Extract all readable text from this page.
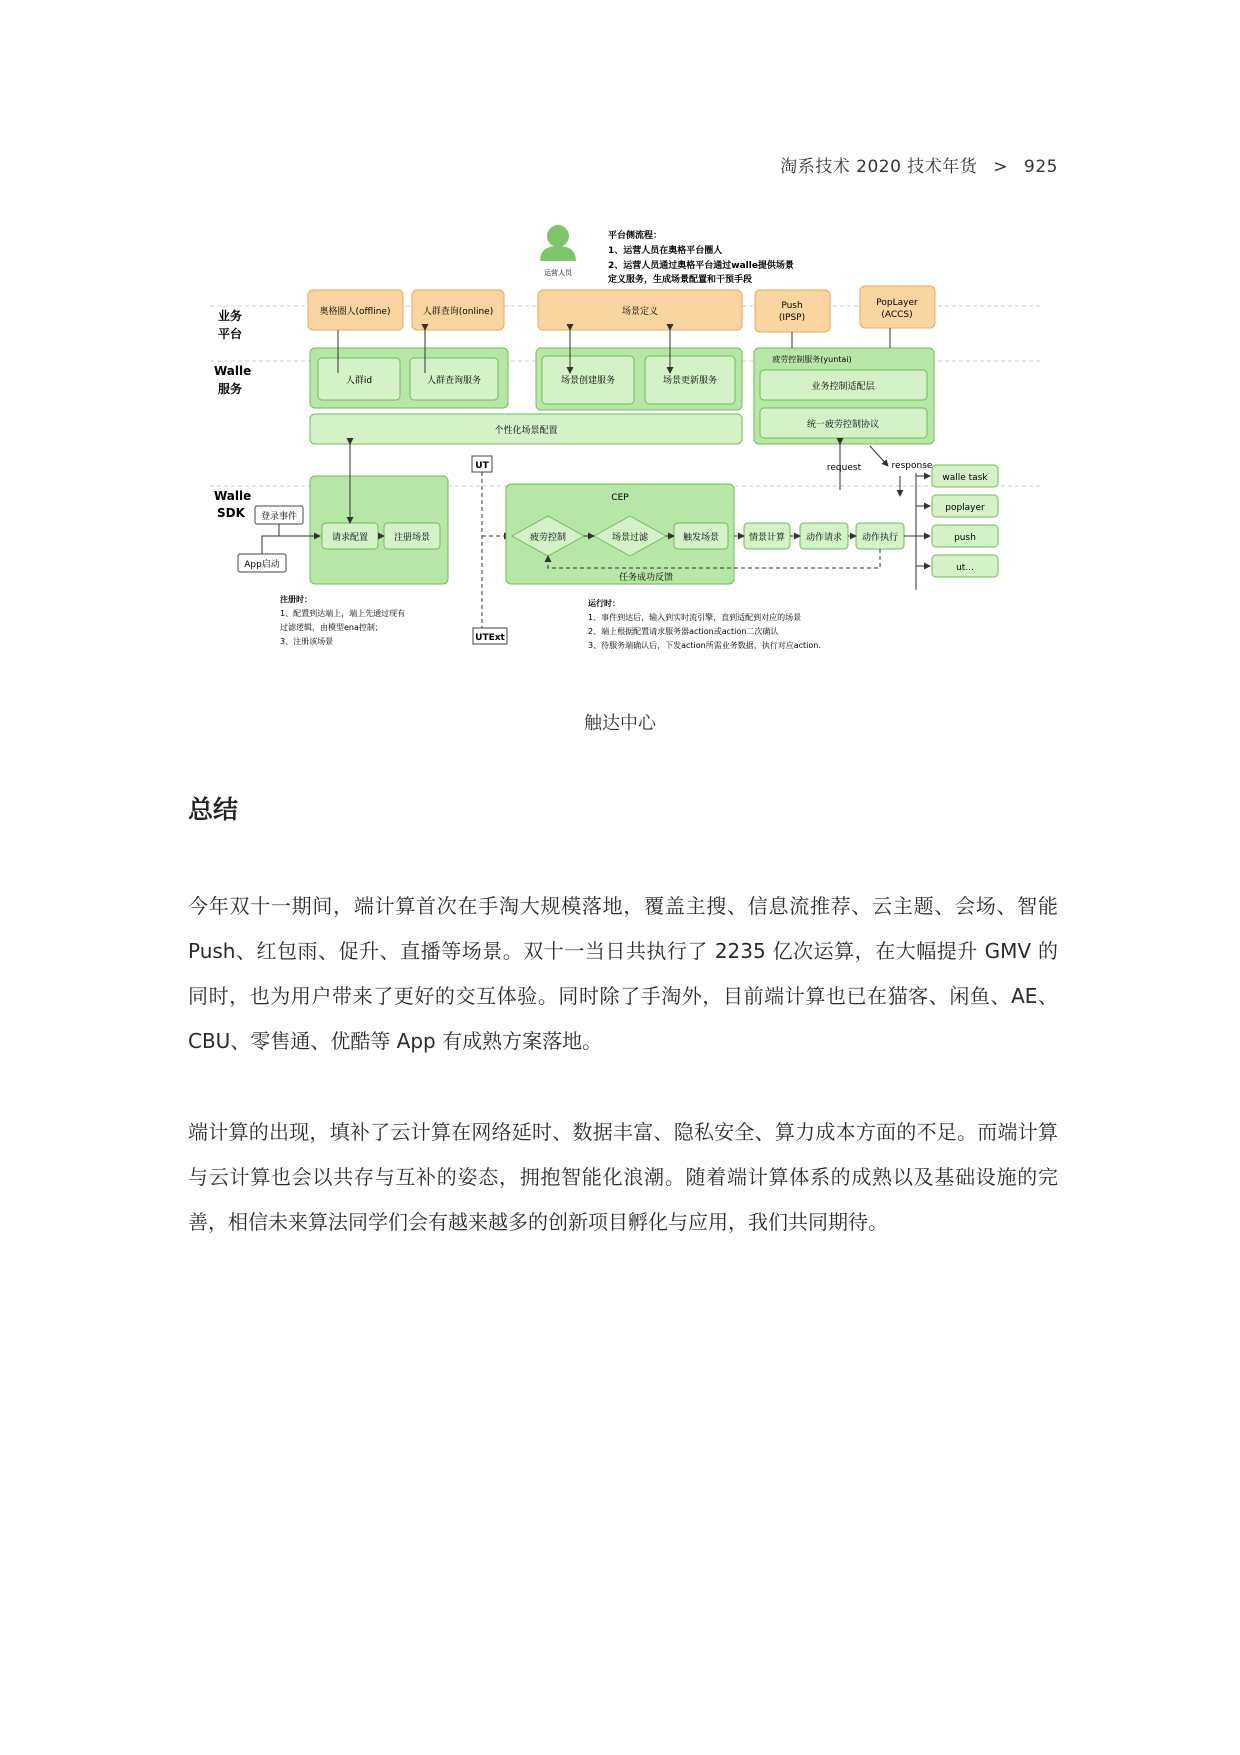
淘系技术 2020 技术年货 > 925
运营人员
平台侧流程：
1、运营人员在奥格平台圈人
2、运营人员通过奥格平台通过walle提供场景
定义服务，生成场景配置和干预手段
业务
平台
Walle
服务
Walle
SDK
奥格圈人(offline)	人群查询(online)	场景定义
Push
(IPSP)
PopLayer
(ACCS)
人群id	人群查询服务	场景创建服务	场景更新服务
疲劳控制服务(yuntai)
业务控制适配层
统一疲劳控制协议
个性化场景配置
request	response
登录事件
App启动
请求配置	注册场景
UT
UTExt
CEP
疲劳控制	场景过滤	触发场景	情景计算 动作请求 动作执行
任务成功反馈
walle task
poplayer
push
ut...
注册时：
1、配置到达端上，端上先通过现有
过滤逻辑，由模型ena控制；
3、注册该场景
运行时：
1、事件到达后，输入到实时流引擎，直到适配到对应的场景
2、端上根据配置请求服务器action或action二次确认
3、待服务端确认后，下发action所需业务数据，执行对应action.
触达中心
总结

今年双十一期间，端计算首次在手淘大规模落地，覆盖主搜、信息流推荐、云主题、会场、智能 Push、红包雨、促升、直播等场景。双十一当日共执行了 2235 亿次运算，在大幅提升 GMV 的同时，也为用户带来了更好的交互体验。同时除了手淘外，目前端计算也已在猫客、闲鱼、AE、CBU、零售通、优酷等 App 有成熟方案落地。

端计算的出现，填补了云计算在网络延时、数据丰富、隐私安全、算力成本方面的不足。而端计算与云计算也会以共存与互补的姿态，拥抱智能化浪潮。随着端计算体系的成熟以及基础设施的完善，相信未来算法同学们会有越来越多的创新项目孵化与应用，我们共同期待。
